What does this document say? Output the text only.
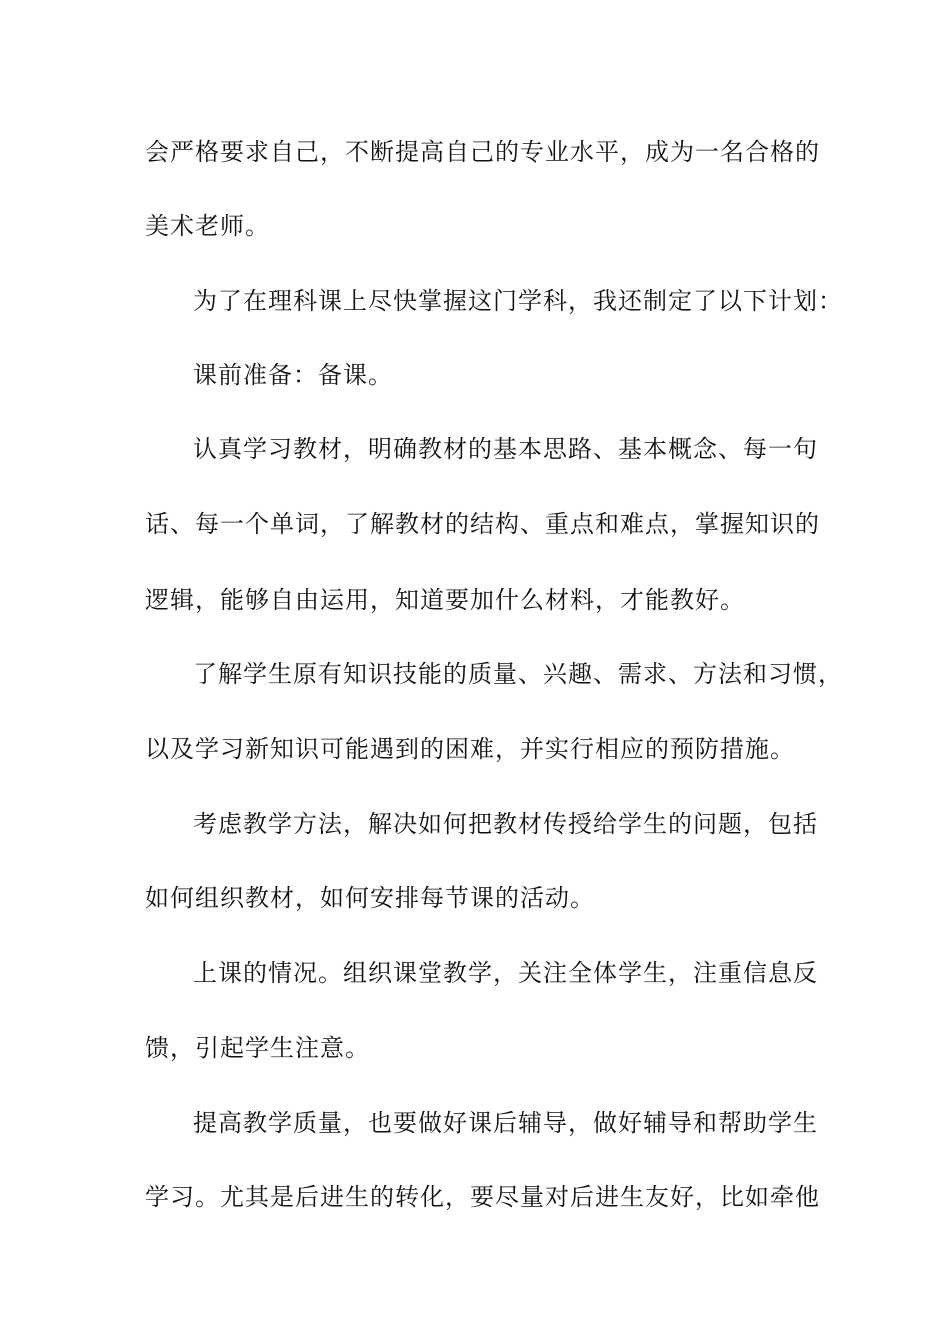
会严格要求自己，不断提高自己的专业水平，成为一名合格的
美术老师。
为了在理科课上尽快掌握这门学科，我还制定了以下计划：
课前准备：备课。
认真学习教材，明确教材的基本思路、基本概念、每一句
话、每一个单词，了解教材的结构、重点和难点，掌握知识的
逻辑，能够自由运用，知道要加什么材料，才能教好。
了解学生原有知识技能的质量、兴趣、需求、方法和习惯，
以及学习新知识可能遇到的困难，并实行相应的预防措施。
考虑教学方法，解决如何把教材传授给学生的问题，包括
如何组织教材，如何安排每节课的活动。
上课的情况。组织课堂教学，关注全体学生，注重信息反
馈，引起学生注意。
提高教学质量，也要做好课后辅导，做好辅导和帮助学生
学习。尤其是后进生的转化，要尽量对后进生友好，比如牵他
